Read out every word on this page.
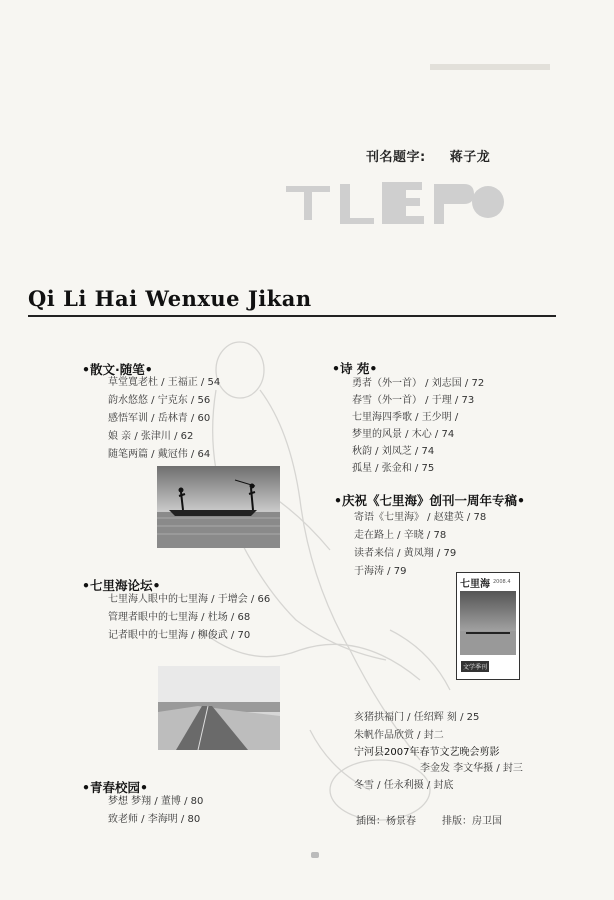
刊名题字: 蒋子龙
Qi Li Hai Wenxue Jikan
•散文·随笔•
草堂寬老杜 / 王福正 / 54
韵水悠悠 / 宁克东 / 56
感悟军训 / 岳林青 / 60
娘 亲 / 张津川 / 62
随笔两篇 / 戴冠伟 / 64
•七里海论坛•
七里海人眼中的七里海 / 于增会 / 66
管理者眼中的七里海 / 杜场 / 68
记者眼中的七里海 / 柳俊武 / 70
•青春校园•
梦想 梦翔 / 董博 / 80
致老师 / 李海明 / 80
•诗 苑•
勇者（外一首） / 刘志国 / 72
春雪（外一首） / 于理 / 73
七里海四季歌 / 王少明 /
梦里的风景 / 木心 / 74
秋韵 / 刘凤芝 / 74
孤星 / 张金和 / 75
•庆祝《七里海》创刊一周年专稿•
寄语《七里海》 / 赵建英 / 78
走在路上 / 辛晓 / 78
读者来信 / 黄凤翔 / 79
于海涛 / 79
七里海 2008.4
文学季刊
亥猪拱福门 / 任绍辉 刻 / 25
朱帆作品欣赏 / 封二
宁河县2007年春节文艺晚会剪影
李金发 李文华摄 / 封三
冬雪 / 任永利摄 / 封底
插图：杨景春	排版：房卫国
